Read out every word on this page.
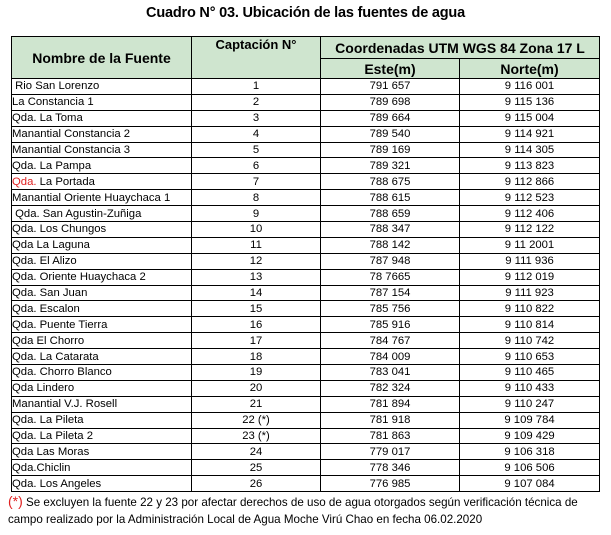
Cuadro N° 03. Ubicación de las fuentes de agua
Nombre de la Fuente	Captación N°	Coordenadas UTM WGS 84 Zona 17 L	
		Este(m)	Norte(m)
Rio San Lorenzo	1	791 657	9 116 001
La Constancia 1	2	789 698	9 115 136
Qda. La Toma	3	789 664	9 115 004
Manantial Constancia 2	4	789 540	9 114 921
Manantial Constancia 3	5	789 169	9 114 305
Qda. La Pampa	6	789 321	9 113 823
Qda. La Portada	7	788 675	9 112 866
Manantial Oriente Huaychaca 1	8	788 615	9 112 523
Qda. San Agustin-Zuñiga	9	788 659	9 112 406
Qda. Los Chungos	10	788 347	9 112 122
Qda La Laguna	11	788 142	9 11 2001
Qda. El Alizo	12	787 948	9 111 936
Qda. Oriente Huaychaca 2	13	78 7665	9 112 019
Qda. San Juan	14	787 154	9 111 923
Qda. Escalon	15	785 756	9 110 822
Qda. Puente Tierra	16	785 916	9 110 814
Qda El Chorro	17	784 767	9 110 742
Qda. La Catarata	18	784 009	9 110 653
Qda. Chorro Blanco	19	783 041	9 110 465
Qda Lindero	20	782 324	9 110 433
Manantial V.J. Rosell	21	781 894	9 110 247
Qda. La Pileta	22 (*)	781 918	9 109 784
Qda. La Pileta 2	23 (*)	781 863	9 109 429
Qda Las Moras	24	779 017	9 106 318
Qda.Chiclin	25	778 346	9 106 506
Qda. Los Angeles	26	776 985	9 107 084
(*) Se excluyen la fuente 22 y 23 por afectar derechos de uso de agua otorgados según verificación técnica de campo realizado por la Administración Local de Agua Moche Virú Chao en fecha 06.02.2020
